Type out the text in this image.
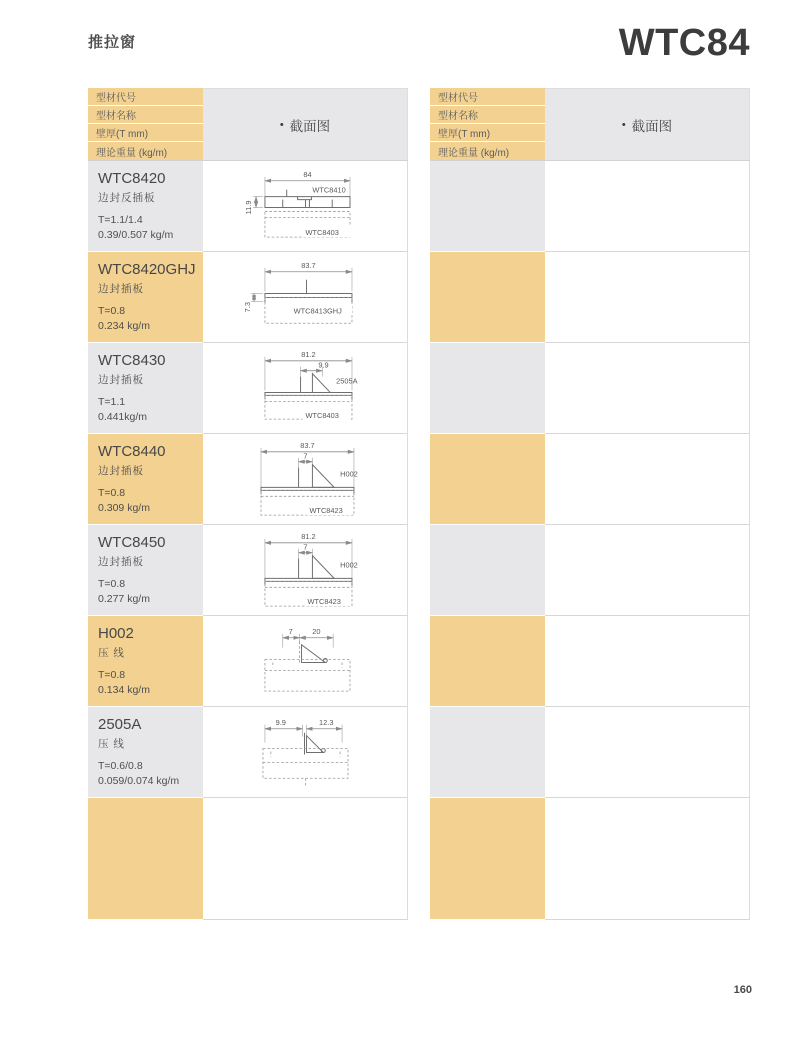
推拉窗	WTC84
型材代号
型材名称
壁厚(T mm)
理论重量 (kg/m)
• 截面图
WTC8420
边封反插板
T=1.1/1.4
0.39/0.507 kg/m
84
11.9
WTC8410
WTC8403
WTC8420GHJ
边封插板
T=0.8
0.234 kg/m
83.7
7.3	WTC8413GHJ
WTC8430
边封插板
T=1.1
0.441kg/m
81.2
9.9
2505A
WTC8403
WTC8440
边封插板
T=0.8
0.309 kg/m
83.7
7
H002
WTC8423
WTC8450
边封插板
T=0.8
0.277 kg/m
81.2
7
H002
WTC8423
H002
压 线
T=0.8
0.134 kg/m
7	20
2505A
压 线
T=0.6/0.8
0.059/0.074 kg/m
9.9	12.3
型材代号
型材名称
壁厚(T mm)
理论重量 (kg/m)
• 截面图
160
